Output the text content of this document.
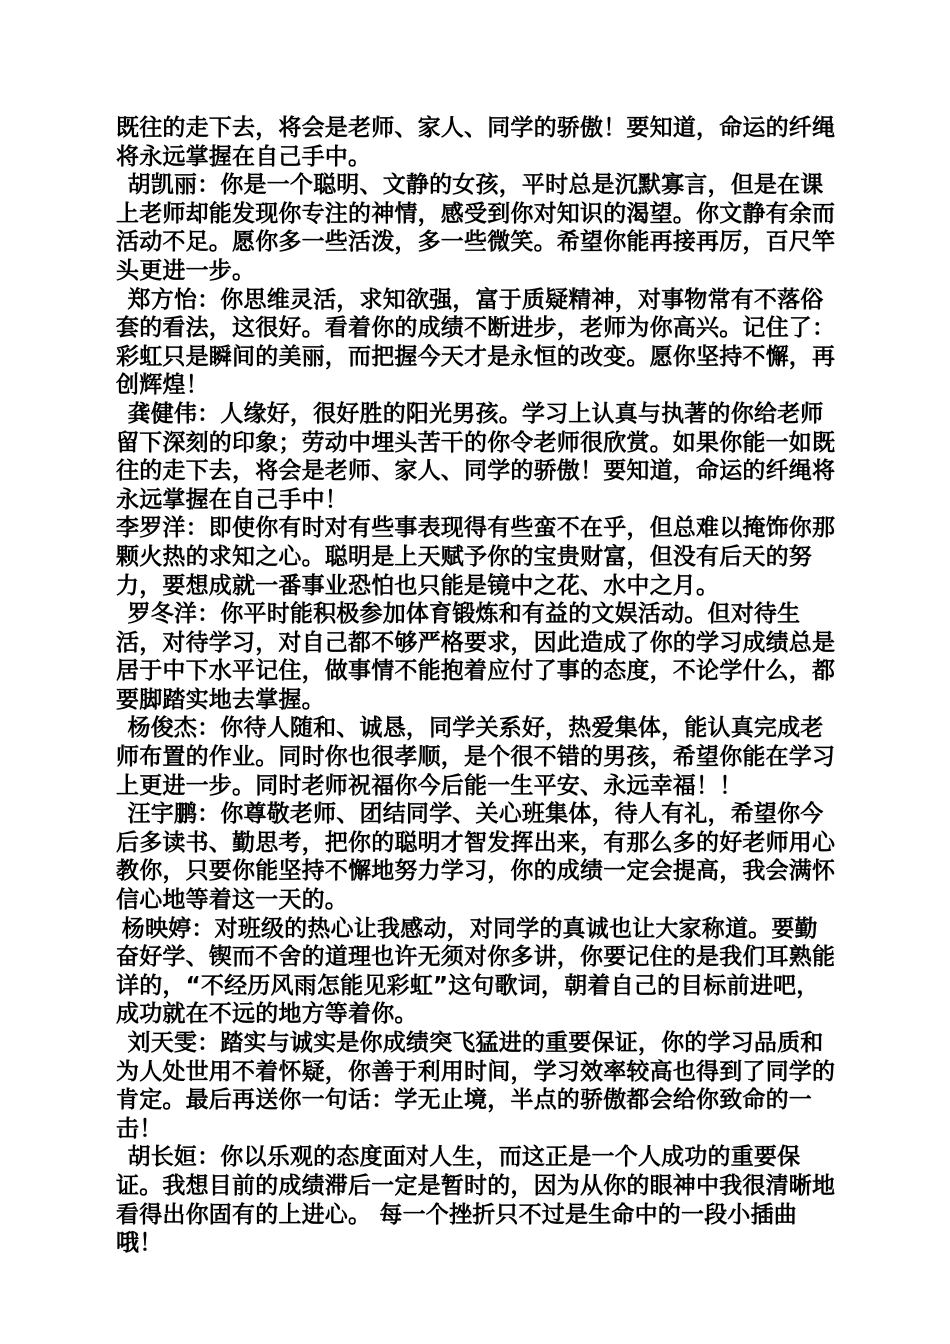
既往的走下去，将会是老师、家人、同学的骄傲！要知道，命运的纤绳将永远掌握在自己手中。

胡凯丽：你是一个聪明、文静的女孩，平时总是沉默寡言，但是在课上老师却能发现你专注的神情，感受到你对知识的渴望。你文静有余而活动不足。愿你多一些活泼，多一些微笑。希望你能再接再厉，百尺竿头更进一步。

郑方怡：你思维灵活，求知欲强，富于质疑精神，对事物常有不落俗套的看法，这很好。看着你的成绩不断进步，老师为你高兴。记住了：彩虹只是瞬间的美丽，而把握今天才是永恒的改变。愿你坚持不懈，再创辉煌！

龚健伟：人缘好，很好胜的阳光男孩。学习上认真与执著的你给老师留下深刻的印象；劳动中埋头苦干的你令老师很欣赏。如果你能一如既往的走下去，将会是老师、家人、同学的骄傲！要知道，命运的纤绳将永远掌握在自己手中！

李罗洋：即使你有时对有些事表现得有些蛮不在乎，但总难以掩饰你那颗火热的求知之心。聪明是上天赋予你的宝贵财富，但没有后天的努力，要想成就一番事业恐怕也只能是镜中之花、水中之月。

罗冬洋：你平时能积极参加体育锻炼和有益的文娱活动。但对待生活，对待学习，对自己都不够严格要求，因此造成了你的学习成绩总是居于中下水平记住，做事情不能抱着应付了事的态度，不论学什么，都要脚踏实地去掌握。

杨俊杰：你待人随和、诚恳，同学关系好，热爱集体，能认真完成老师布置的作业。同时你也很孝顺，是个很不错的男孩，希望你能在学习上更进一步。同时老师祝福你今后能一生平安、永远幸福！！

汪宇鹏：你尊敬老师、团结同学、关心班集体，待人有礼，希望你今后多读书、勤思考，把你的聪明才智发挥出来，有那么多的好老师用心教你，只要你能坚持不懈地努力学习，你的成绩一定会提高，我会满怀信心地等着这一天的。

杨映婷：对班级的热心让我感动，对同学的真诚也让大家称道。要勤奋好学、锲而不舍的道理也许无须对你多讲，你要记住的是我们耳熟能详的，“不经历风雨怎能见彩虹”这句歌词，朝着自己的目标前进吧，成功就在不远的地方等着你。

刘天雯：踏实与诚实是你成绩突飞猛进的重要保证，你的学习品质和为人处世用不着怀疑，你善于利用时间，学习效率较高也得到了同学的肯定。最后再送你一句话：学无止境，半点的骄傲都会给你致命的一击！

胡长姮：你以乐观的态度面对人生，而这正是一个人成功的重要保证。我想目前的成绩滞后一定是暂时的，因为从你的眼神中我很清晰地看得出你固有的上进心。 每一个挫折只不过是生命中的一段小插曲哦！
